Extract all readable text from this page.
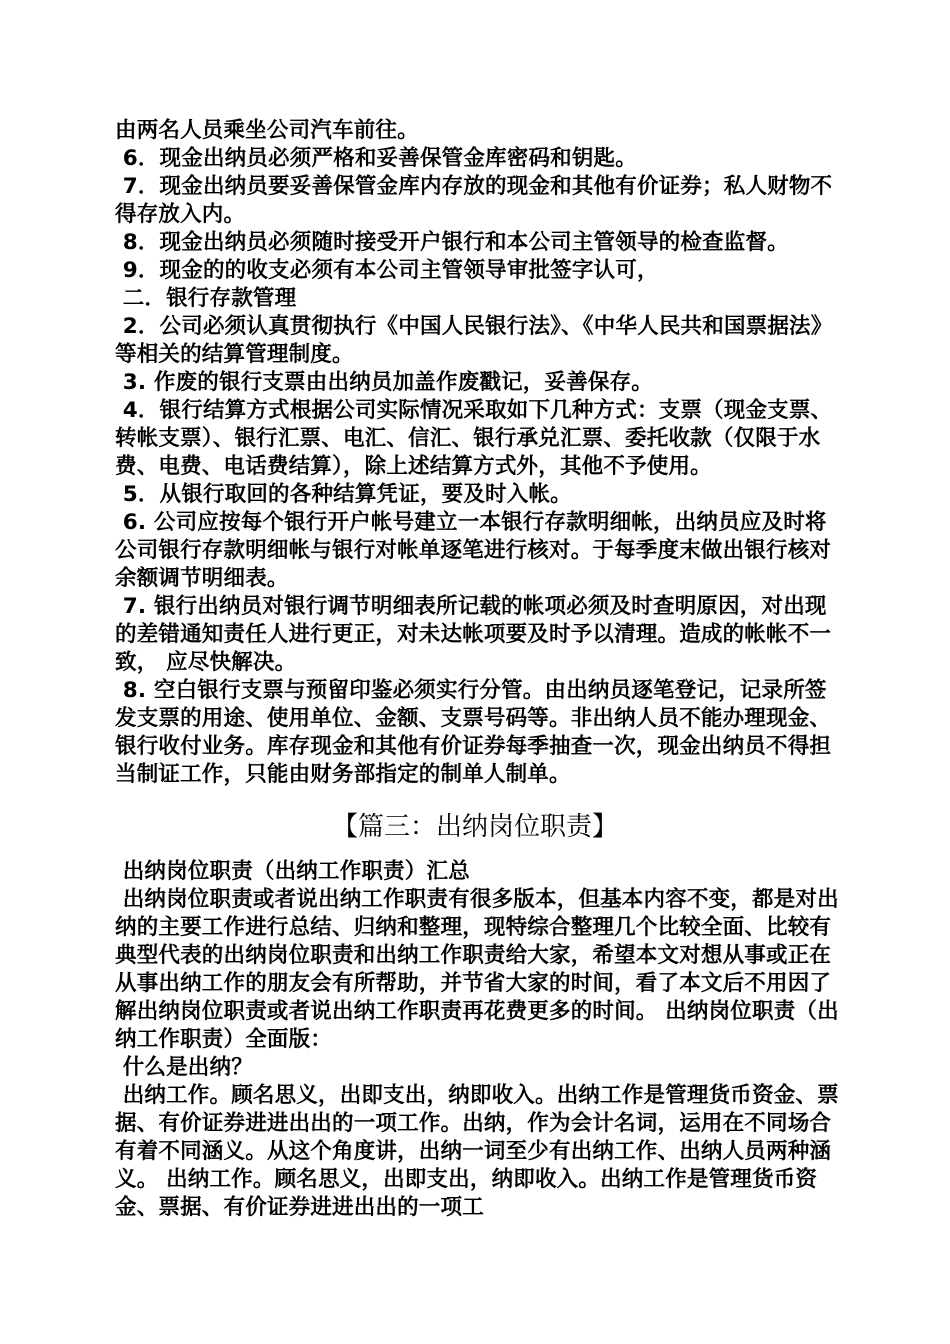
由两名人员乘坐公司汽车前往。

6．现金出纳员必须严格和妥善保管金库密码和钥匙。

7．现金出纳员要妥善保管金库内存放的现金和其他有价证券；私人财物不得存放入内。

8．现金出纳员必须随时接受开户银行和本公司主管领导的检查监督。

9．现金的的收支必须有本公司主管领导审批签字认可，

二．银行存款管理

2．公司必须认真贯彻执行《中国人民银行法》、《中华人民共和国票据法》等相关的结算管理制度。

3. 作废的银行支票由出纳员加盖作废戳记，妥善保存。

4．银行结算方式根据公司实际情况采取如下几种方式：支票（现金支票、转帐支票）、银行汇票、电汇、信汇、银行承兑汇票、委托收款（仅限于水费、电费、电话费结算），除上述结算方式外，其他不予使用。

5．从银行取回的各种结算凭证，要及时入帐。

6. 公司应按每个银行开户帐号建立一本银行存款明细帐，出纳员应及时将公司银行存款明细帐与银行对帐单逐笔进行核对。于每季度末做出银行核对余额调节明细表。

7. 银行出纳员对银行调节明细表所记载的帐项必须及时查明原因，对出现的差错通知责任人进行更正，对未达帐项要及时予以清理。造成的帐帐不一致， 应尽快解决。

8. 空白银行支票与预留印鉴必须实行分管。由出纳员逐笔登记，记录所签发支票的用途、使用单位、金额、支票号码等。非出纳人员不能办理现金、银行收付业务。库存现金和其他有价证券每季抽查一次，现金出纳员不得担当制证工作，只能由财务部指定的制单人制单。

【篇三：出纳岗位职责】

出纳岗位职责（出纳工作职责）汇总

出纳岗位职责或者说出纳工作职责有很多版本，但基本内容不变，都是对出纳的主要工作进行总结、归纳和整理，现特综合整理几个比较全面、比较有典型代表的出纳岗位职责和出纳工作职责给大家，希望本文对想从事或正在从事出纳工作的朋友会有所帮助，并节省大家的时间，看了本文后不用因了解出纳岗位职责或者说出纳工作职责再花费更多的时间。 出纳岗位职责（出纳工作职责）全面版：

什么是出纳？

出纳工作。顾名思义，出即支出，纳即收入。出纳工作是管理货币资金、票据、有价证券进进出出的一项工作。出纳，作为会计名词，运用在不同场合有着不同涵义。从这个角度讲，出纳一词至少有出纳工作、出纳人员两种涵义。 出纳工作。顾名思义，出即支出，纳即收入。出纳工作是管理货币资金、票据、有价证券进进出出的一项工
